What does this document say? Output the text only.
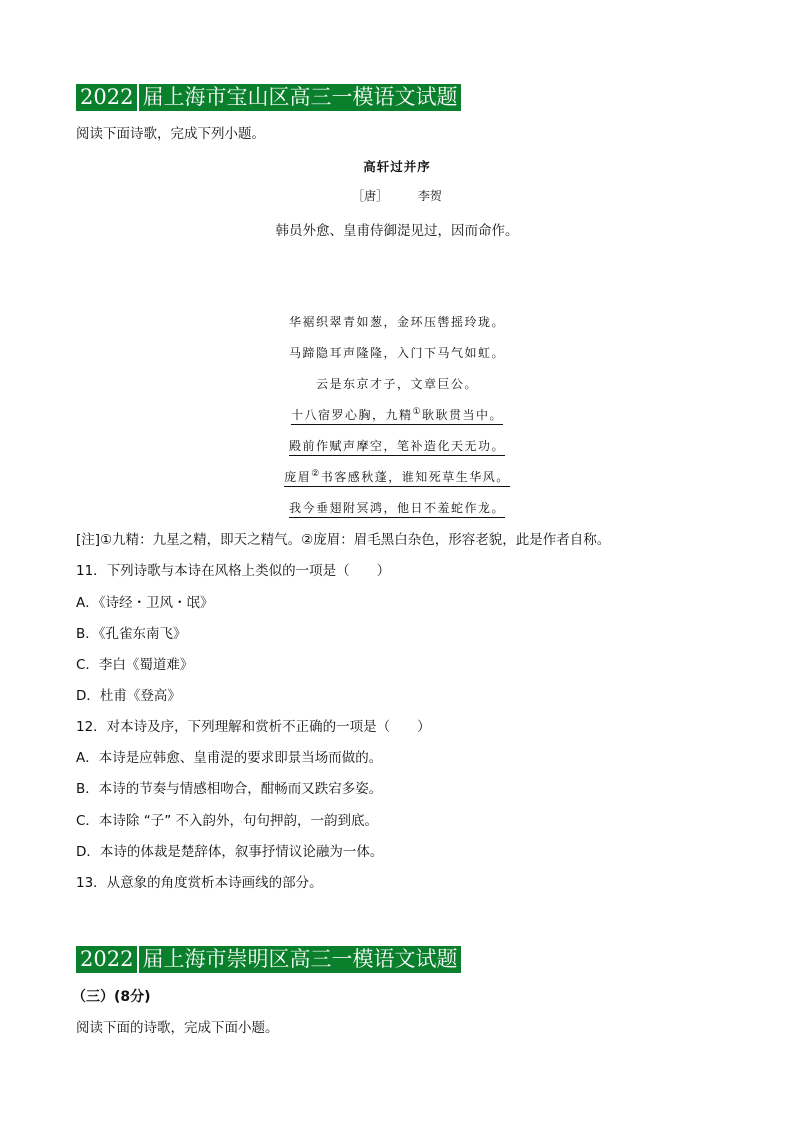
2022 届上海市宝山区高三一模语文试题
阅读下面诗歌，完成下列小题。
高轩过并序
［唐］ 李贺
韩员外愈、皇甫侍御湜见过，因而命作。
华裾织翠青如葱，金环压辔摇玲珑。
马蹄隐耳声隆隆，入门下马气如虹。
云是东京才子，文章巨公。
十八宿罗心胸，九精①耿耿贯当中。
殿前作赋声摩空，笔补造化天无功。
庞眉②书客感秋蓬，谁知死草生华风。
我今垂翅附冥鸿，他日不羞蛇作龙。
[注]①九精：九星之精，即天之精气。②庞眉：眉毛黑白杂色，形容老貌，此是作者自称。
11．下列诗歌与本诗在风格上类似的一项是（　　）
A．《诗经・卫风・氓》
B．《孔雀东南飞》
C．李白《蜀道难》
D．杜甫《登高》
12．对本诗及序，下列理解和赏析不正确的一项是（　　）
A．本诗是应韩愈、皇甫湜的要求即景当场而做的。
B．本诗的节奏与情感相吻合，酣畅而又跌宕多姿。
C．本诗除 “子” 不入韵外，句句押韵，一韵到底。
D．本诗的体裁是楚辞体，叙事抒情议论融为一体。
13．从意象的角度赏析本诗画线的部分。
2022 届上海市崇明区高三一模语文试题
（三）(8分)
阅读下面的诗歌，完成下面小题。
